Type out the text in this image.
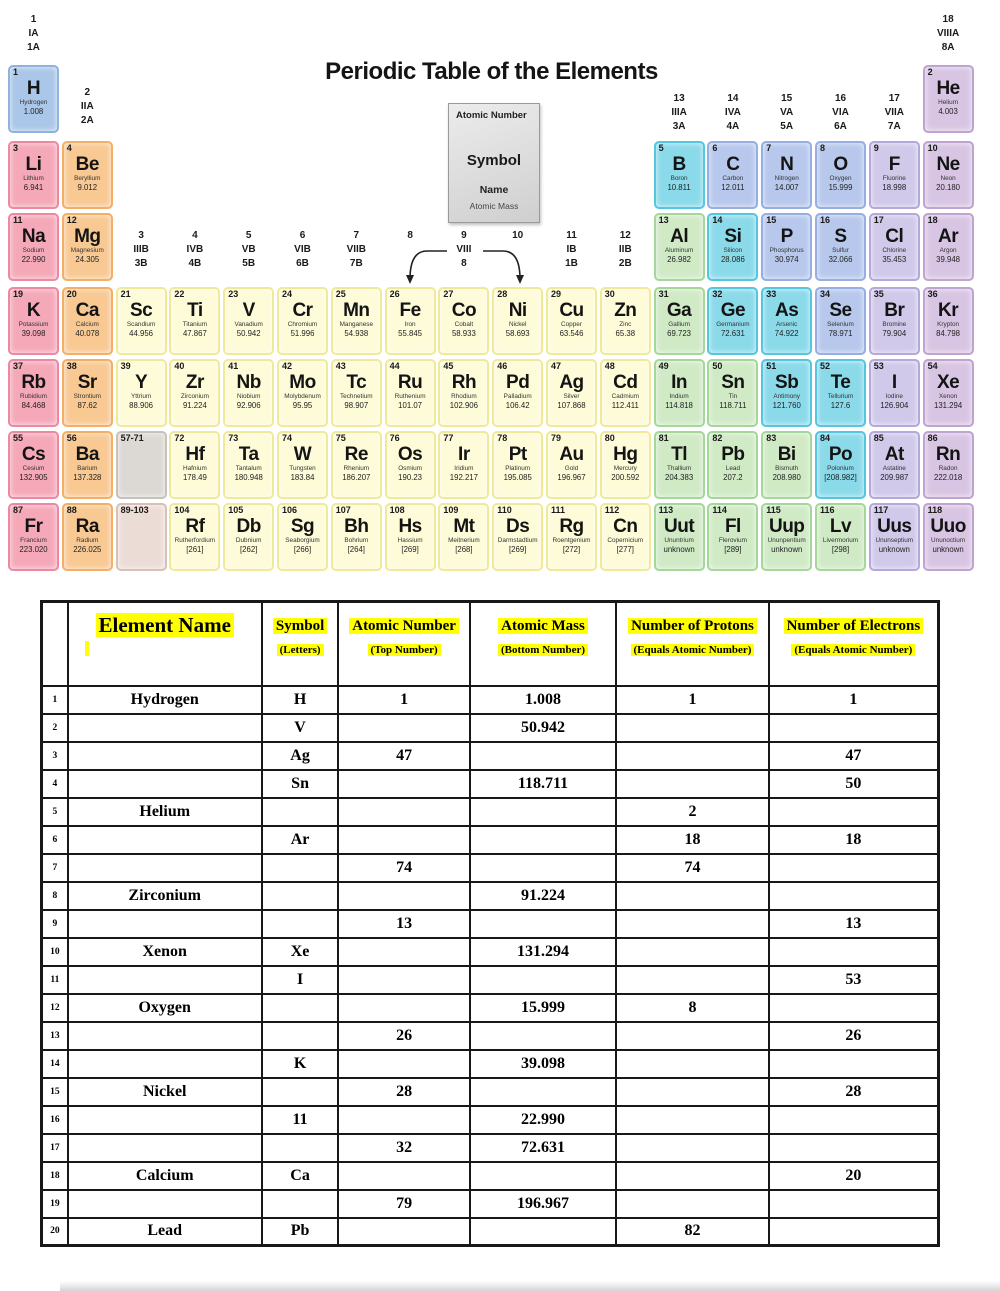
Periodic Table of the Elements
Atomic Number
Symbol
Name
Atomic Mass
1
H
Hydrogen
1.008
2
He
Helium
4.003
3
Li
Lithium
6.941
4
Be
Beryllium
9.012
5
B
Boron
10.811
6
C
Carbon
12.011
7
N
Nitrogen
14.007
8
O
Oxygen
15.999
9
F
Fluorine
18.998
10
Ne
Neon
20.180
11
Na
Sodium
22.990
12
Mg
Magnesium
24.305
13
Al
Aluminum
26.982
14
Si
Silicon
28.086
15
P
Phosphorus
30.974
16
S
Sulfur
32.066
17
Cl
Chlorine
35.453
18
Ar
Argon
39.948
19
K
Potassium
39.098
20
Ca
Calcium
40.078
21
Sc
Scandium
44.956
22
Ti
Titanium
47.867
23
V
Vanadium
50.942
24
Cr
Chromium
51.996
25
Mn
Manganese
54.938
26
Fe
Iron
55.845
27
Co
Cobalt
58.933
28
Ni
Nickel
58.693
29
Cu
Copper
63.546
30
Zn
Zinc
65.38
31
Ga
Gallium
69.723
32
Ge
Germanium
72.631
33
As
Arsenic
74.922
34
Se
Selenium
78.971
35
Br
Bromine
79.904
36
Kr
Krypton
84.798
37
Rb
Rubidium
84.468
38
Sr
Strontium
87.62
39
Y
Yttrium
88.906
40
Zr
Zirconium
91.224
41
Nb
Niobium
92.906
42
Mo
Molybdenum
95.95
43
Tc
Technetium
98.907
44
Ru
Ruthenium
101.07
45
Rh
Rhodium
102.906
46
Pd
Palladium
106.42
47
Ag
Silver
107.868
48
Cd
Cadmium
112.411
49
In
Indium
114.818
50
Sn
Tin
118.711
51
Sb
Antimony
121.760
52
Te
Tellurium
127.6
53
I
Iodine
126.904
54
Xe
Xenon
131.294
55
Cs
Cesium
132.905
56
Ba
Barium
137.328
72
Hf
Hafnium
178.49
73
Ta
Tantalum
180.948
74
W
Tungsten
183.84
75
Re
Rhenium
186.207
76
Os
Osmium
190.23
77
Ir
Iridium
192.217
78
Pt
Platinum
195.085
79
Au
Gold
196.967
80
Hg
Mercury
200.592
81
Tl
Thallium
204.383
82
Pb
Lead
207.2
83
Bi
Bismuth
208.980
84
Po
Polonium
[208.982]
85
At
Astatine
209.987
86
Rn
Radon
222.018
87
Fr
Francium
223.020
88
Ra
Radium
226.025
104
Rf
Rutherfordium
[261]
105
Db
Dubnium
[262]
106
Sg
Seaborgium
[266]
107
Bh
Bohrium
[264]
108
Hs
Hassium
[269]
109
Mt
Meitnerium
[268]
110
Ds
Darmstadtium
[269]
111
Rg
Roentgenium
[272]
112
Cn
Copernicium
[277]
113
Uut
Ununtrium
unknown
114
Fl
Flerovium
[289]
115
Uup
Ununpentium
unknown
116
Lv
Livermorium
[298]
117
Uus
Ununseptium
unknown
118
Uuo
Ununoctium
unknown
57-71
89-103
1
IA
1A
2
IIA
2A
3
IIIB
3B
4
IVB
4B
5
VB
5B
6
VIB
6B
7
VIIB
7B
8	9
VIII
8
10	11
IB
1B
12
IIB
2B
13
IIIA
3A
14
IVA
4A
15
VA
5A
16
VIA
6A
17
VIIA
7A
18
VIIIA
8A

Element Name	Symbol
(Letters)

Atomic Number
(Top Number)

Atomic Mass
(Bottom Number)

Number of Protons
(Equals Atomic Number)

Number of Electrons
(Equals Atomic Number)

1	Hydrogen	H	1	1.008	1	1
2		V		50.942		
3		Ag	47			47
4		Sn		118.711		50
5	Helium				2	
6		Ar			18	18
7			74		74	
8	Zirconium			91.224		
9			13			13
10	Xenon	Xe		131.294		
11		I				53
12	Oxygen			15.999	8	
13			26			26
14		K		39.098		
15	Nickel		28			28
16		11		22.990		
17			32	72.631		
18	Calcium	Ca				20
19			79	196.967		
20	Lead	Pb			82	
